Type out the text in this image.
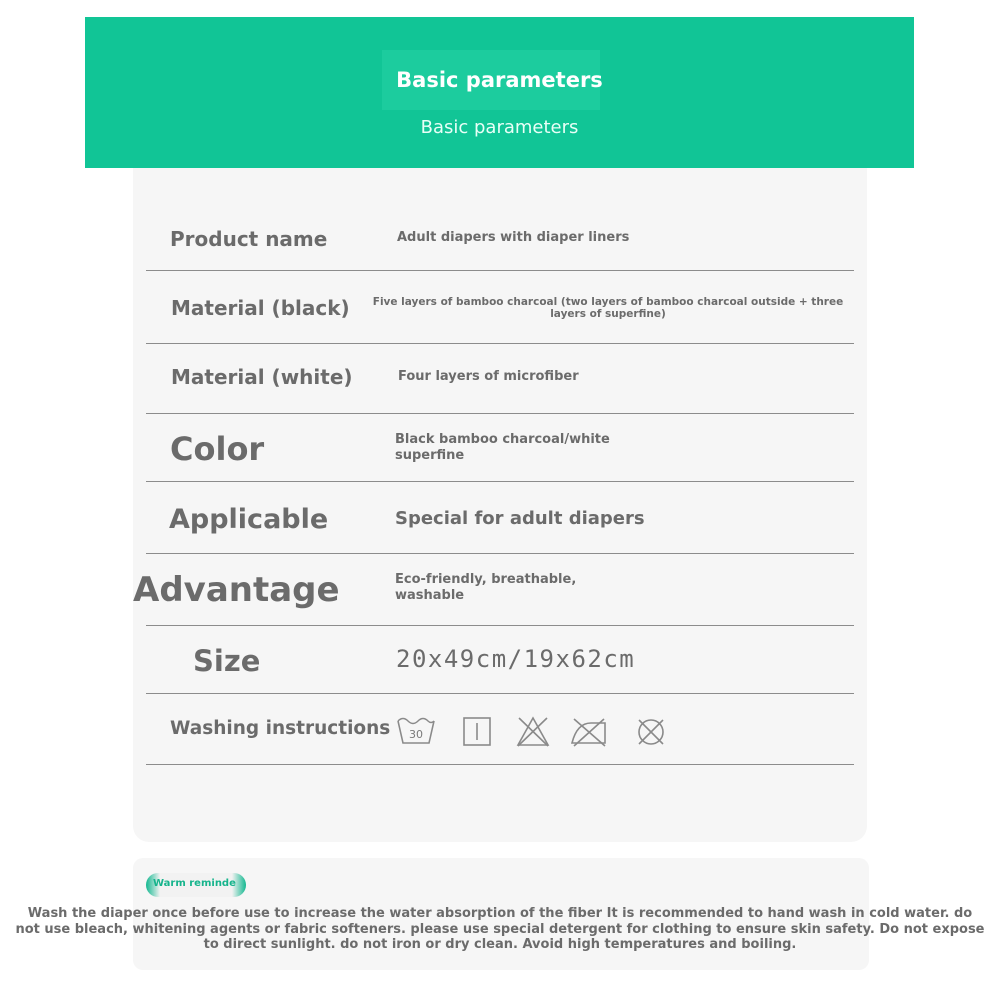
Basic parameters
Basic parameters
Product name	Adult diapers with diaper liners
Material (black) Five layers of bamboo charcoal (two layers of bamboo charcoal outside + three layers of superfine)
Material (white)	Four layers of microfiber
Color	Black bamboo charcoal/white superfine
Applicable	Special for adult diapers
Advantage	Eco-friendly, breathable, washable
Size	20x49cm/19x62cm
Washing instructions 30
Warm reminde
Wash the diaper once before use to increase the water absorption of the fiber It is recommended to hand wash in cold water. do not use bleach, whitening agents or fabric softeners. please use special detergent for clothing to ensure skin safety. Do not expose to direct sunlight. do not iron or dry clean. Avoid high temperatures and boiling.
